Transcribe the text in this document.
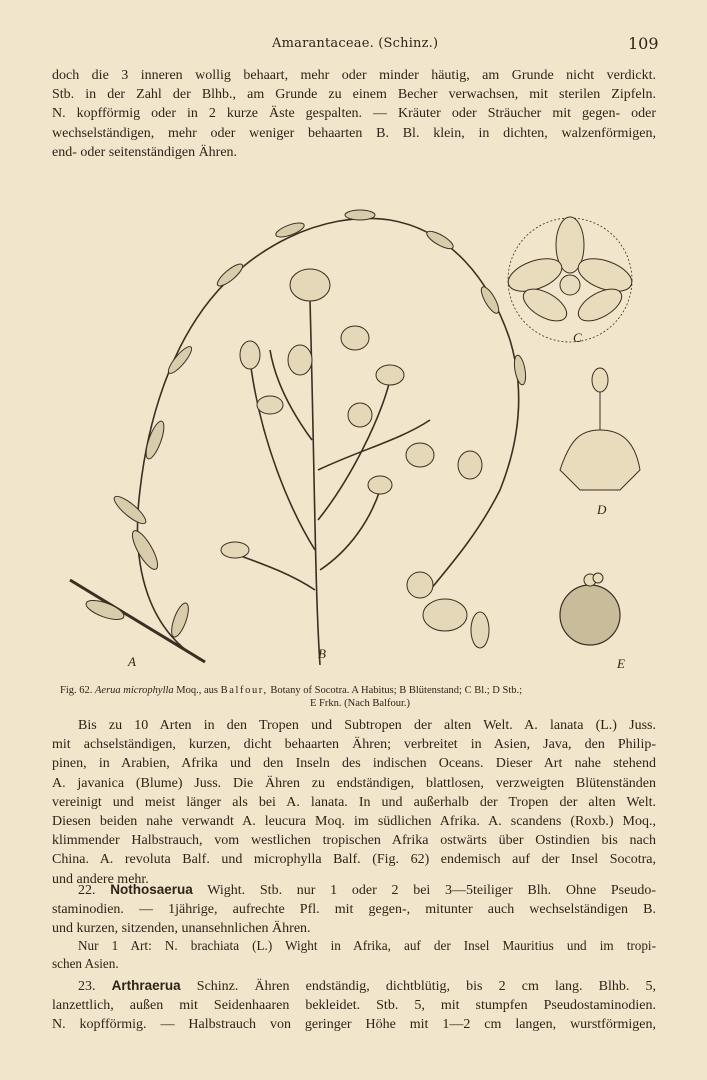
Amarantaceae. (Schinz.)	109
doch die 3 inneren wollig behaart, mehr oder minder häutig, am Grunde nicht verdickt.
Stb. in der Zahl der Blhb., am Grunde zu einem Becher verwachsen, mit sterilen Zipfeln.
N. kopfförmig oder in 2 kurze Äste gespalten. — Kräuter oder Sträucher mit gegen- oder
wechselständigen, mehr oder weniger behaarten B. Bl. klein, in dichten, walzenförmigen,
end- oder seitenständigen Ähren.
A
B
C
D
E
Fig. 62. Aerua microphylla Moq., aus Balfour, Botany of Socotra. A Habitus; B Blütenstand; C Bl.; D Stb.;
E Frkn. (Nach Balfour.)
Bis zu 10 Arten in den Tropen und Subtropen der alten Welt. A. lanata (L.) Juss.
mit achselständigen, kurzen, dicht behaarten Ähren; verbreitet in Asien, Java, den Philip-
pinen, in Arabien, Afrika und den Inseln des indischen Oceans. Dieser Art nahe stehend
A. javanica (Blume) Juss. Die Ähren zu endständigen, blattlosen, verzweigten Blütenständen
vereinigt und meist länger als bei A. lanata. In und außerhalb der Tropen der alten Welt.
Diesen beiden nahe verwandt A. leucura Moq. im südlichen Afrika. A. scandens (Roxb.) Moq.,
klimmender Halbstrauch, vom westlichen tropischen Afrika ostwärts über Ostindien bis nach
China. A. revoluta Balf. und microphylla Balf. (Fig. 62) endemisch auf der Insel Socotra,
und andere mehr.
22. Nothosaerua Wight. Stb. nur 1 oder 2 bei 3—5teiliger Blh. Ohne Pseudo-
staminodien. — 1jährige, aufrechte Pfl. mit gegen-, mitunter auch wechselständigen B.
und kurzen, sitzenden, unansehnlichen Ähren.
Nur 1 Art: N. brachiata (L.) Wight in Afrika, auf der Insel Mauritius und im tropi-
schen Asien.
23. Arthraerua Schinz. Ähren endständig, dichtblütig, bis 2 cm lang. Blhb. 5,
lanzettlich, außen mit Seidenhaaren bekleidet. Stb. 5, mit stumpfen Pseudostaminodien.
N. kopfförmig. — Halbstrauch von geringer Höhe mit 1—2 cm langen, wurstförmigen,
